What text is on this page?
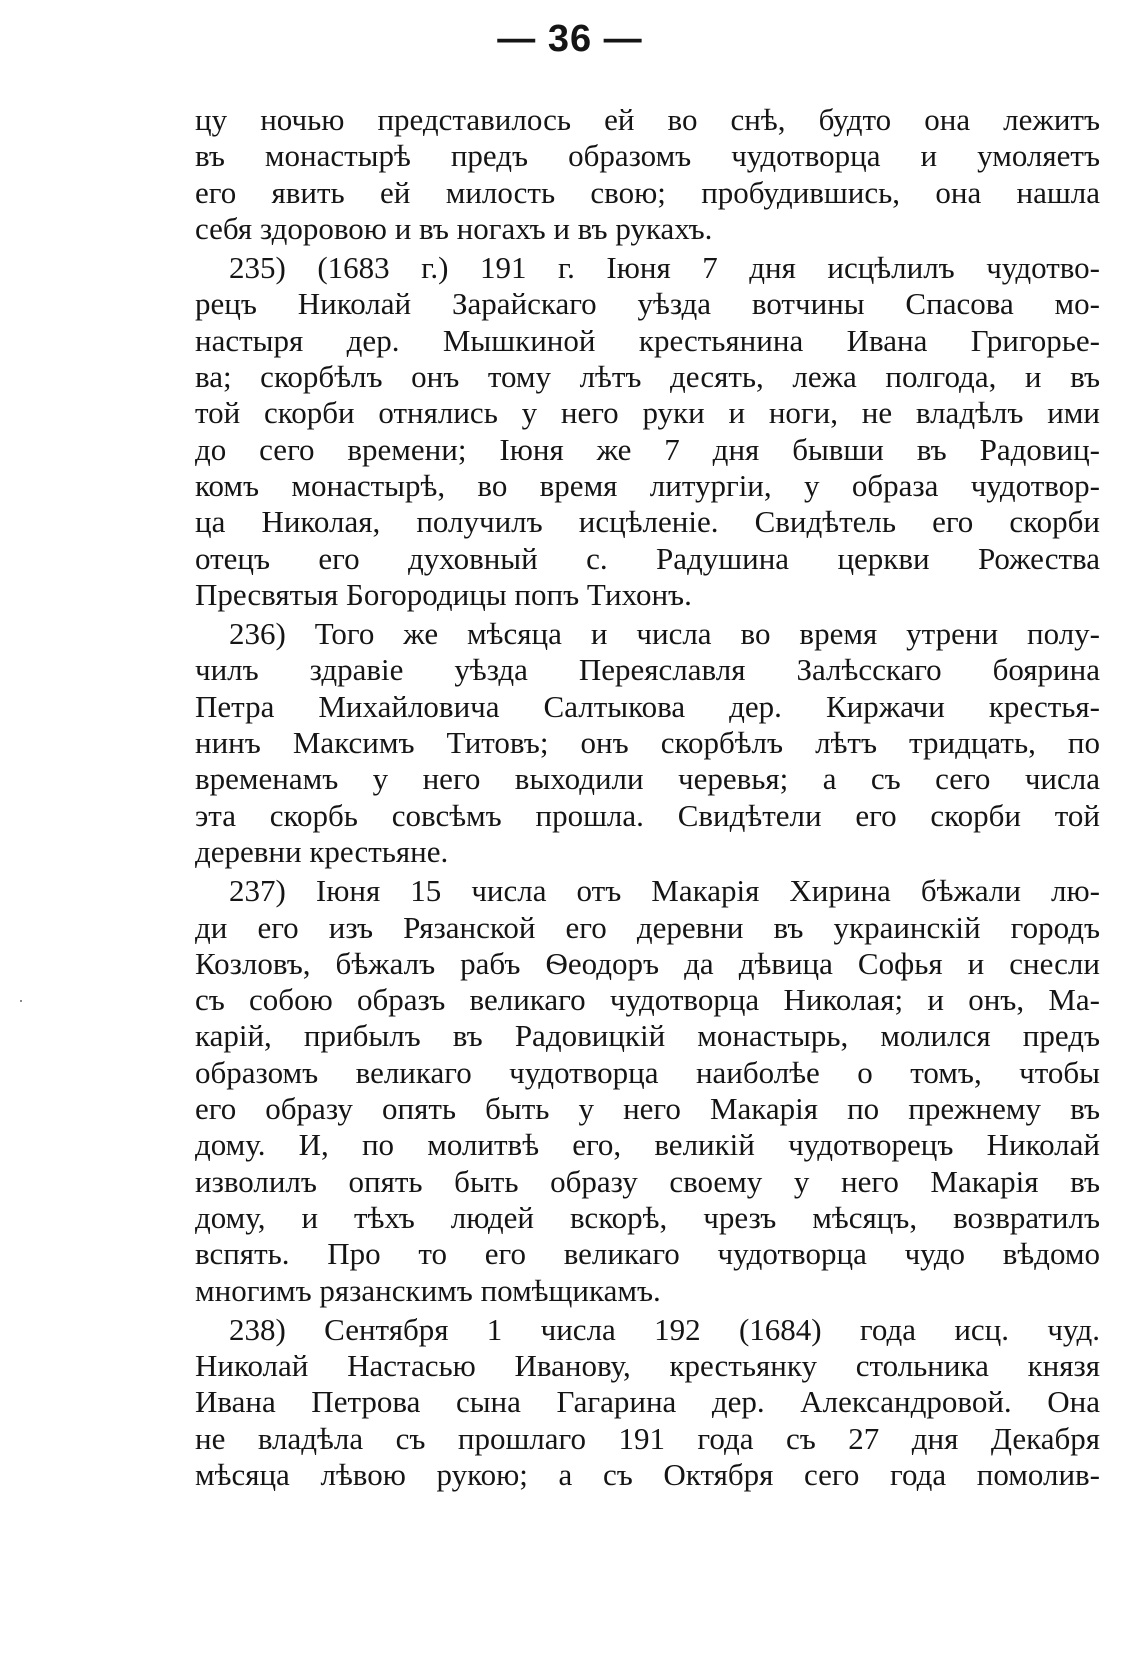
— 36 —
цу ночью представилось ей во снѣ, будто она лежитъ
въ монастырѣ предъ образомъ чудотворца и умоляетъ
его явить ей милость свою; пробудившись, она нашла
себя здоровою и въ ногахъ и въ рукахъ.
235) (1683 г.) 191 г. Іюня 7 дня исцѣлилъ чудотво-
рецъ Николай Зарайскаго уѣзда вотчины Спасова мо-
настыря дер. Мышкиной крестьянина Ивана Григорье-
ва; скорбѣлъ онъ тому лѣтъ десять, лежа полгода, и въ
той скорби отнялись у него руки и ноги, не владѣлъ ими
до сего времени; Іюня же 7 дня бывши въ Радовиц-
комъ монастырѣ, во время литургіи, у образа чудотвор-
ца Николая, получилъ исцѣленіе. Свидѣтель его скорби
отецъ его духовный с. Радушина церкви Рожества
Пресвятыя Богородицы попъ Тихонъ.
236) Того же мѣсяца и числа во время утрени полу-
чилъ здравіе уѣзда Переяславля Залѣсскаго боярина
Петра Михайловича Салтыкова дер. Киржачи крестья-
нинъ Максимъ Титовъ; онъ скорбѣлъ лѣтъ тридцать, по
временамъ у него выходили черевья; а съ сего числа
эта скорбь совсѣмъ прошла. Свидѣтели его скорби той
деревни крестьяне.
237) Іюня 15 числа отъ Макарія Хирина бѣжали лю-
ди его изъ Рязанской его деревни въ украинскій городъ
Козловъ, бѣжалъ рабъ Ѳеодоръ да дѣвица Софья и снесли
съ собою образъ великаго чудотворца Николая; и онъ, Ма-
карій, прибылъ въ Радовицкій монастырь, молился предъ
образомъ великаго чудотворца наиболѣе о томъ, чтобы
его образу опять быть у него Макарія по прежнему въ
дому. И, по молитвѣ его, великій чудотворецъ Николай
изволилъ опять быть образу своему у него Макарія въ
дому, и тѣхъ людей вскорѣ, чрезъ мѣсяцъ, возвратилъ
вспять. Про то его великаго чудотворца чудо вѣдомо
многимъ рязанскимъ помѣщикамъ.
238) Сентября 1 числа 192 (1684) года исц. чуд.
Николай Настасью Иванову, крестьянку стольника князя
Ивана Петрова сына Гагарина дер. Александровой. Она
не владѣла съ прошлаго 191 года съ 27 дня Декабря
мѣсяца лѣвою рукою; а съ Октября сего года помолив-
